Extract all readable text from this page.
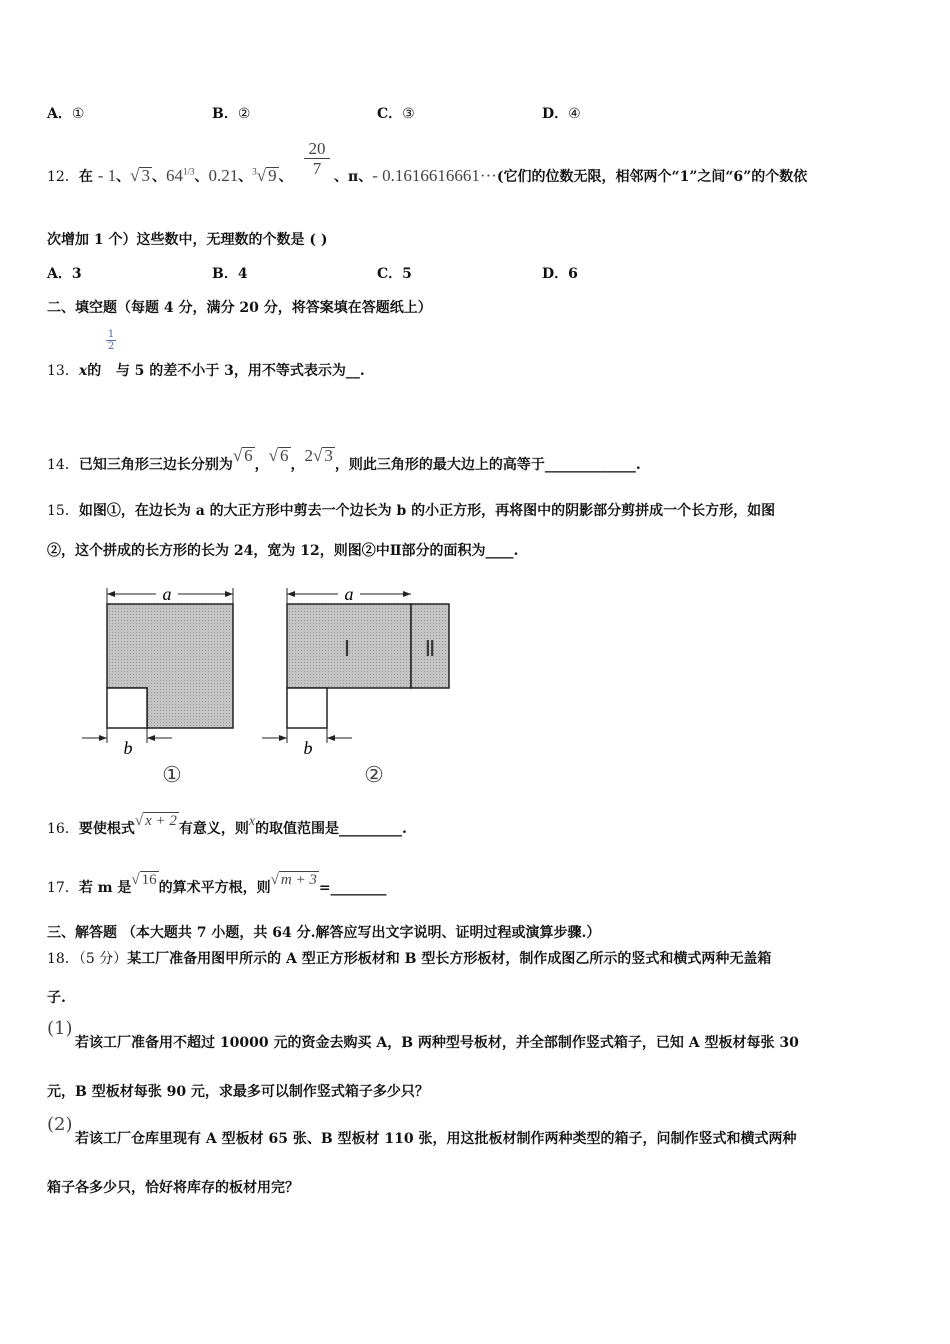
A．①	B．②	C．③	D．④
12．在 - 1、√ 3 、$64^{1/3}$、0.21、$^3$√ 9 、 $\frac{20}{7}$ 、π、- 0.1616616661···(它们的位数无限，相邻两个“1”之间“6”的个数依
次增加 1 个）这些数中，无理数的个数是 ( )
A．3	B．4	C．5	D．6
二、填空题（每题 4 分，满分 20 分，将答案填在答题纸上）
$\frac{1}{2}$
13．x的 与 5 的差不小于 3，用不等式表示为__.
14．已知三角形三边长分别为√ 6 ，√ 6 ，2√ 3 ，则此三角形的最大边上的高等于_____________.
15．如图①，在边长为 a 的大正方形中剪去一个边长为 b 的小正方形，再将图中的阴影部分剪拼成一个长方形，如图
②，这个拼成的长方形的长为 24，宽为 12，则图②中Ⅱ部分的面积为____.
a
b
①
a
Ⅰ	Ⅱ
b
②
16．要使根式√ x + 2 有意义，则x的取值范围是_________.
17．若 m 是√ 16 的算术平方根，则√ m + 3 =________
三、解答题 （本大题共 7 小题，共 64 分.解答应写出文字说明、证明过程或演算步骤.）
18．（5 分）某工厂准备用图甲所示的 A 型正方形板材和 B 型长方形板材，制作成图乙所示的竖式和横式两种无盖箱
子.
(1)
若该工厂准备用不超过 10000 元的资金去购买 A，B 两种型号板材，并全部制作竖式箱子，已知 A 型板材每张 30
元，B 型板材每张 90 元，求最多可以制作竖式箱子多少只？
(2)
若该工厂仓库里现有 A 型板材 65 张、B 型板材 110 张，用这批板材制作两种类型的箱子，问制作竖式和横式两种
箱子各多少只，恰好将库存的板材用完？
